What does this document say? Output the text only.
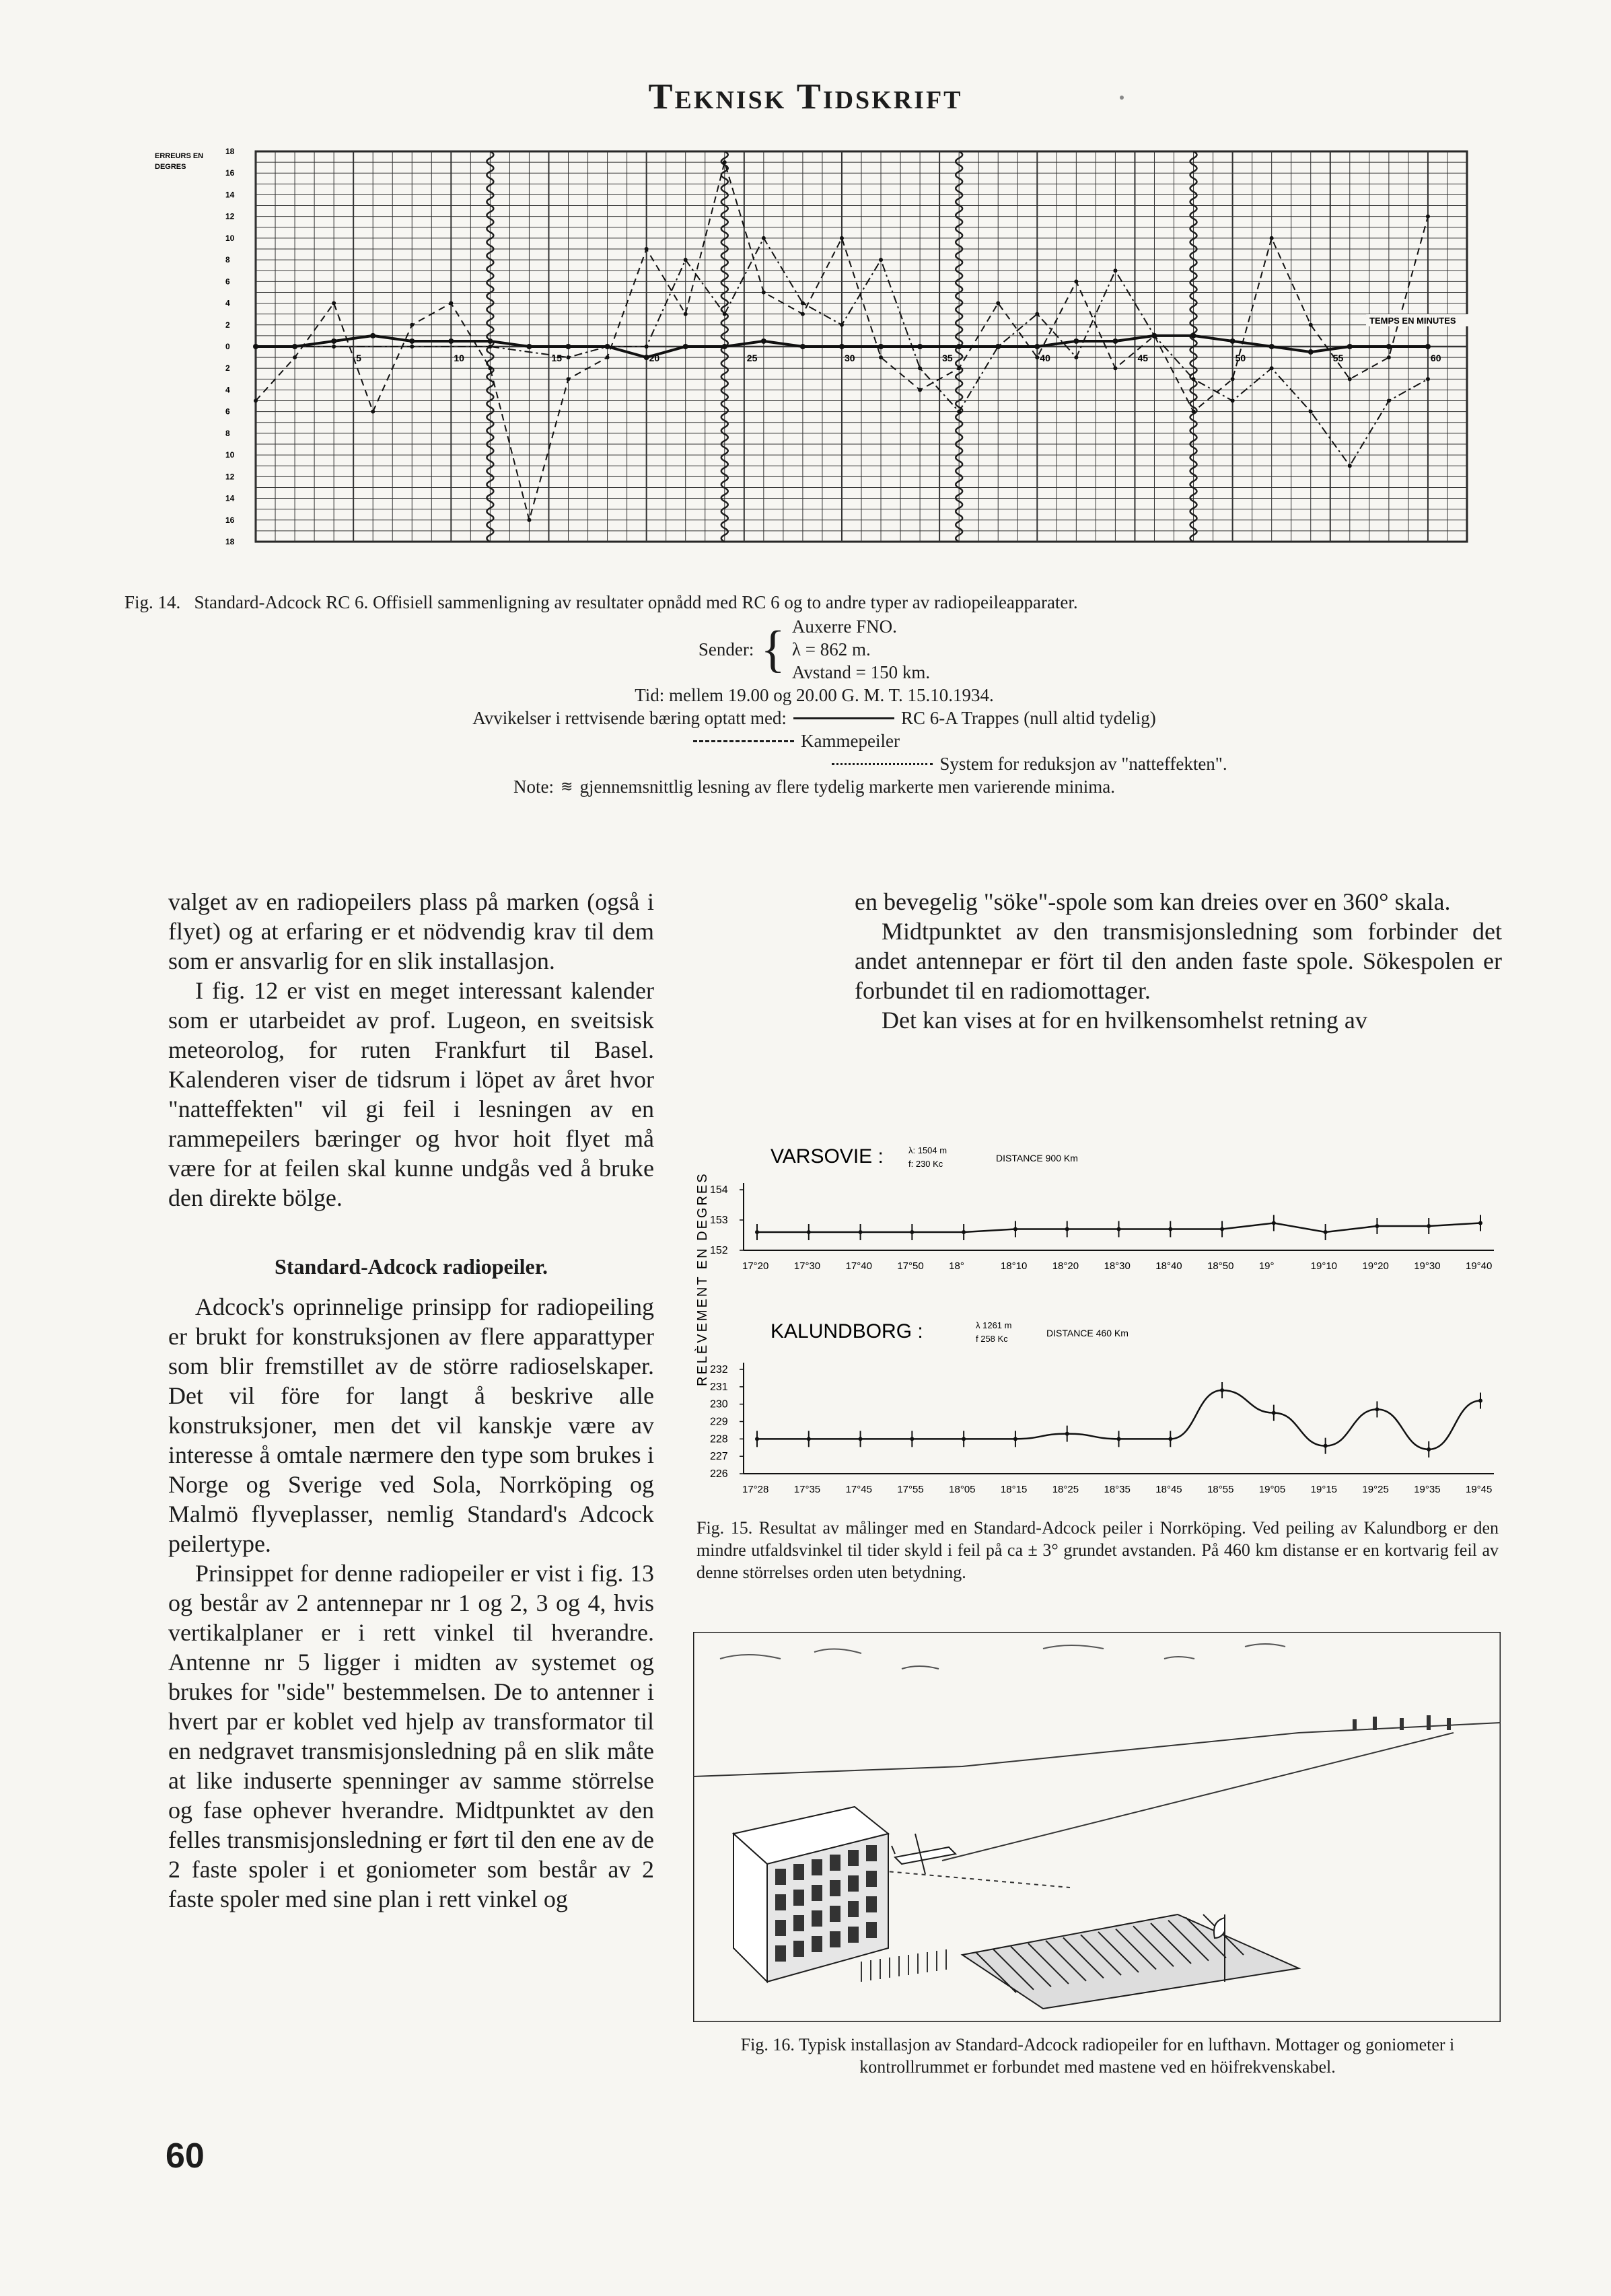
Teknisk Tidskrift
ERREURS EN
DEGRES
18
16
14
12
10
8
6
4
2
0
2
4
6
8
10
12
14
16
18
5	10	15	20	25	30	35	40	45	50	55	60
TEMPS EN MINUTES
Fig. 14. Standard-Adcock RC 6. Offisiell sammenligning av resultater opnådd med RC 6 og to andre typer av radiopeileapparater.
Sender: { Auxerre FNO.
λ = 862 m.
Avstand = 150 km.
Tid: mellem 19.00 og 20.00 G. M. T. 15.10.1934.
Avvikelser i rettvisende bæring optatt med:	RC 6-A Trappes (null altid tydelig)
Kammepeiler
System for reduksjon av "natteffekten".
Note: ≋ gjennemsnittlig lesning av flere tydelig markerte men varierende minima.

valget av en radiopeilers plass på marken (også i flyet) og at erfaring er et nödvendig krav til dem som er ansvarlig for en slik installasjon.

I fig. 12 er vist en meget interessant kalender som er utarbeidet av prof. Lugeon, en sveitsisk meteorolog, for ruten Frankfurt til Basel. Kalenderen viser de tidsrum i löpet av året hvor "natteffekten" vil gi feil i lesningen av en rammepeilers bæringer og hvor hoit flyet må være for at feilen skal kunne undgås ved å bruke den direkte bölge.

Standard-Adcock radiopeiler.

Adcock's oprinnelige prinsipp for radiopeiling er brukt for konstruksjonen av flere apparattyper som blir fremstillet av de större radioselskaper. Det vil före for langt å beskrive alle konstruksjoner, men det vil kanskje være av interesse å omtale nærmere den type som brukes i Norge og Sverige ved Sola, Norrköping og Malmö flyveplasser, nemlig Standard's Adcock peilertype.

Prinsippet for denne radiopeiler er vist i fig. 13 og består av 2 antennepar nr 1 og 2, 3 og 4, hvis vertikalplaner er i rett vinkel til hverandre. Antenne nr 5 ligger i midten av systemet og brukes for "side" bestemmelsen. De to antenner i hvert par er koblet ved hjelp av transformator til en nedgravet transmisjonsledning på en slik måte at like induserte spenninger av samme störrelse og fase ophever hverandre. Midtpunktet av den felles transmisjonsledning er ført til den ene av de 2 faste spoler i et goniometer som består av 2 faste spoler med sine plan i rett vinkel og

en bevegelig "söke"-spole som kan dreies over en 360° skala.

Midtpunktet av den transmisjonsledning som forbinder det andet antennepar er fört til den anden faste spole. Sökespolen er forbundet til en radiomottager.

Det kan vises at for en hvilkensomhelst retning av

RELÈVEMENT EN DEGRES
VARSOVIE :	λ: 1504 m
f: 230 Kc
DISTANCE 900 Km
154
153
152
17°20 17°30 17°40 17°50 18°	18°10 18°20 18°30 18°40 18°50 19°	19°10 19°20 19°30 19°40
KALUNDBORG :	λ 1261 m
f 258 Kc
DISTANCE 460 Km
232
231
230
229
228
227
226
17°28 17°35 17°45 17°55 18°05 18°15 18°25 18°35 18°45 18°55 19°05 19°15 19°25 19°35 19°45
Fig. 15. Resultat av målinger med en Standard-Adcock peiler i Norrköping. Ved peiling av Kalundborg er den mindre utfaldsvinkel til tider skyld i feil på ca ± 3° grundet avstanden. På 460 km distanse er en kortvarig feil av denne störrelses orden uten betydning.
Fig. 16. Typisk installasjon av Standard-Adcock radiopeiler for en lufthavn. Mottager og goniometer i kontrollrummet er forbundet med mastene ved en höifrekvenskabel.
60
